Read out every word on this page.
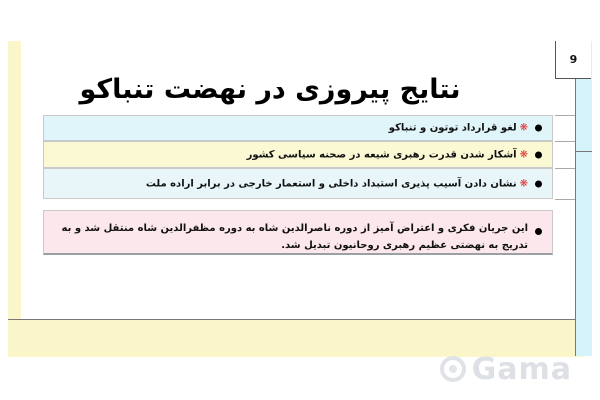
9
نتایج پیروزی در نهضت تنباکو
❋لغو قرارداد توتون و تنباکو
❋آشکار شدن قدرت رهبری شیعه در صحنه سیاسی کشور
❋نشان دادن آسیب پذیری استبداد داخلی و استعمار خارجی در برابر اراده ملت
این جریان فکری و اعتراض آمیز از دوره ناصرالدین شاه به دوره مظفرالدین شاه منتقل شد و به تدریج به نهضتی عظیم رهبری روحانیون تبدیل شد.
Gama
